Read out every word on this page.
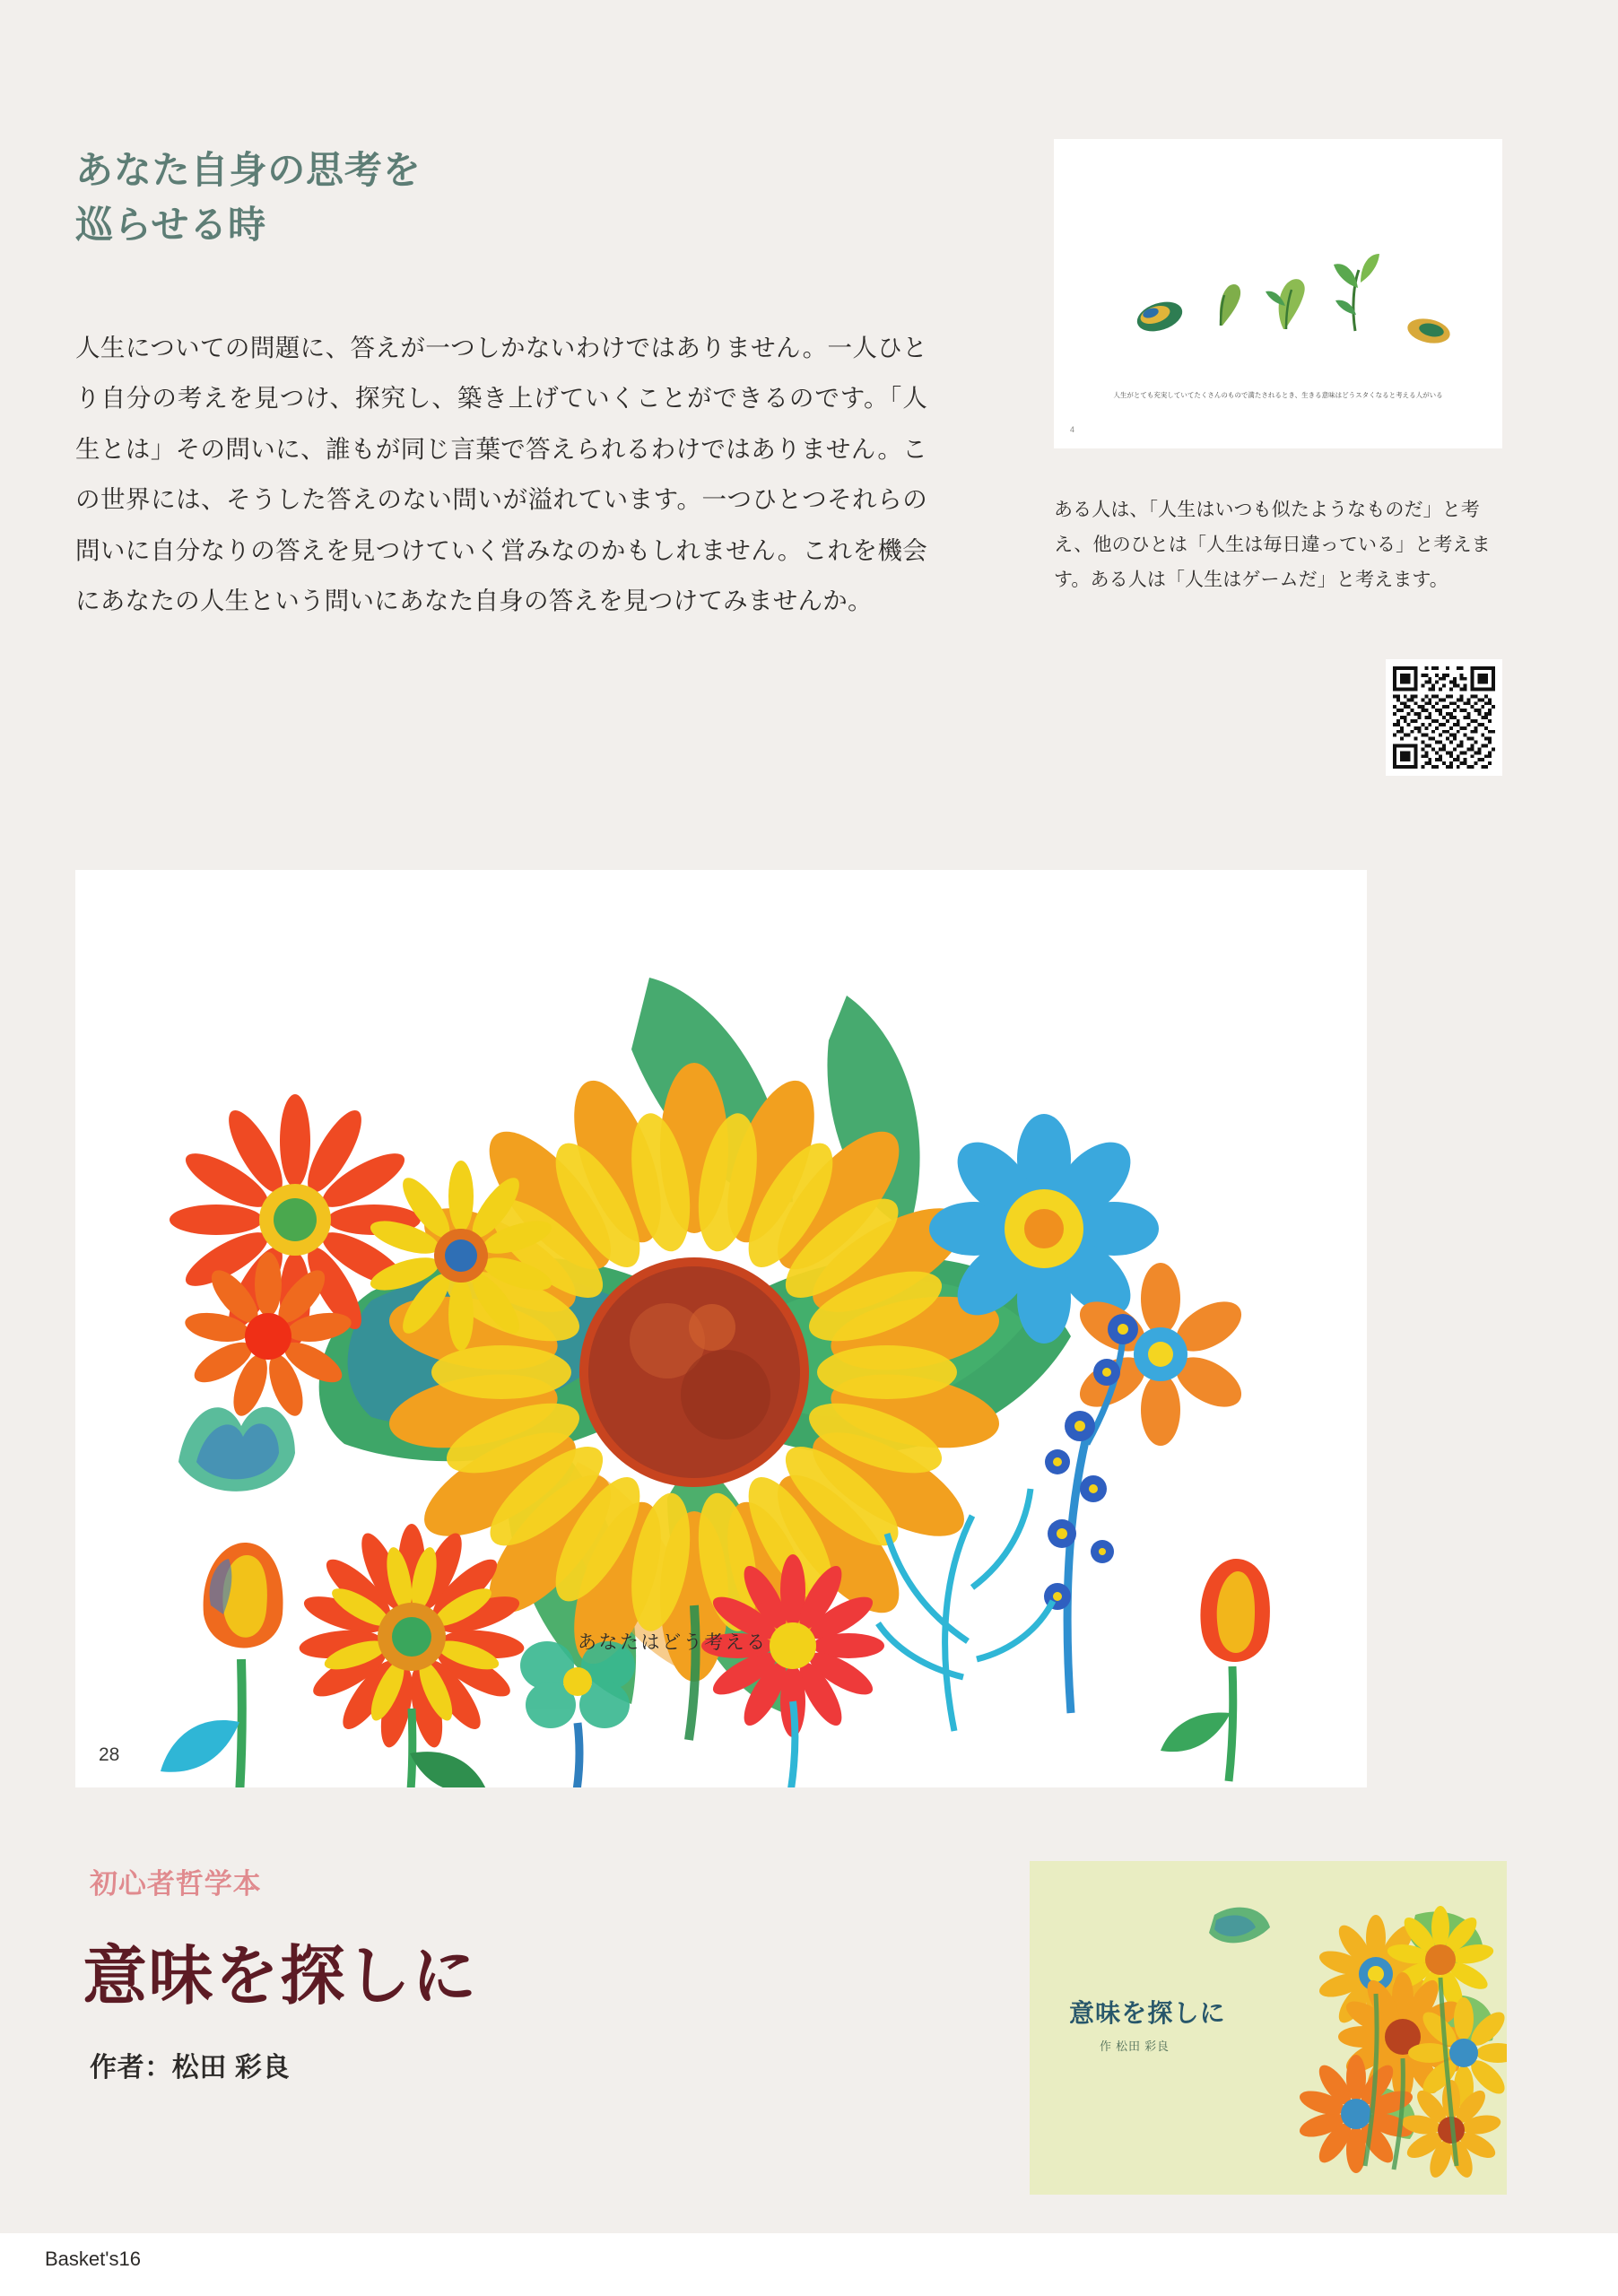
あなた自身の思考を
巡らせる時
人生についての問題に、答えが一つしかないわけではありません。一人ひとり自分の考えを見つけ、探究し、築き上げていくことができるのです。「人生とは」その問いに、誰もが同じ言葉で答えられるわけではありません。この世界には、そうした答えのない問いが溢れています。一つひとつそれらの問いに自分なりの答えを見つけていく営みなのかもしれません。これを機会にあなたの人生という問いにあなた自身の答えを見つけてみませんか。
人生がとても充実していてたくさんのもので満たされるとき、生きる意味はどうスタくなると考える人がいる
4
ある人は、「人生はいつも似たようなものだ」と考え、他のひとは「人生は毎日違っている」と考えます。ある人は「人生はゲームだ」と考えます。
あなたはどう考える
28
初心者哲学本
意味を探しに
作者：松田 彩良
意味を探しに
作 松田 彩良
Basket's16
